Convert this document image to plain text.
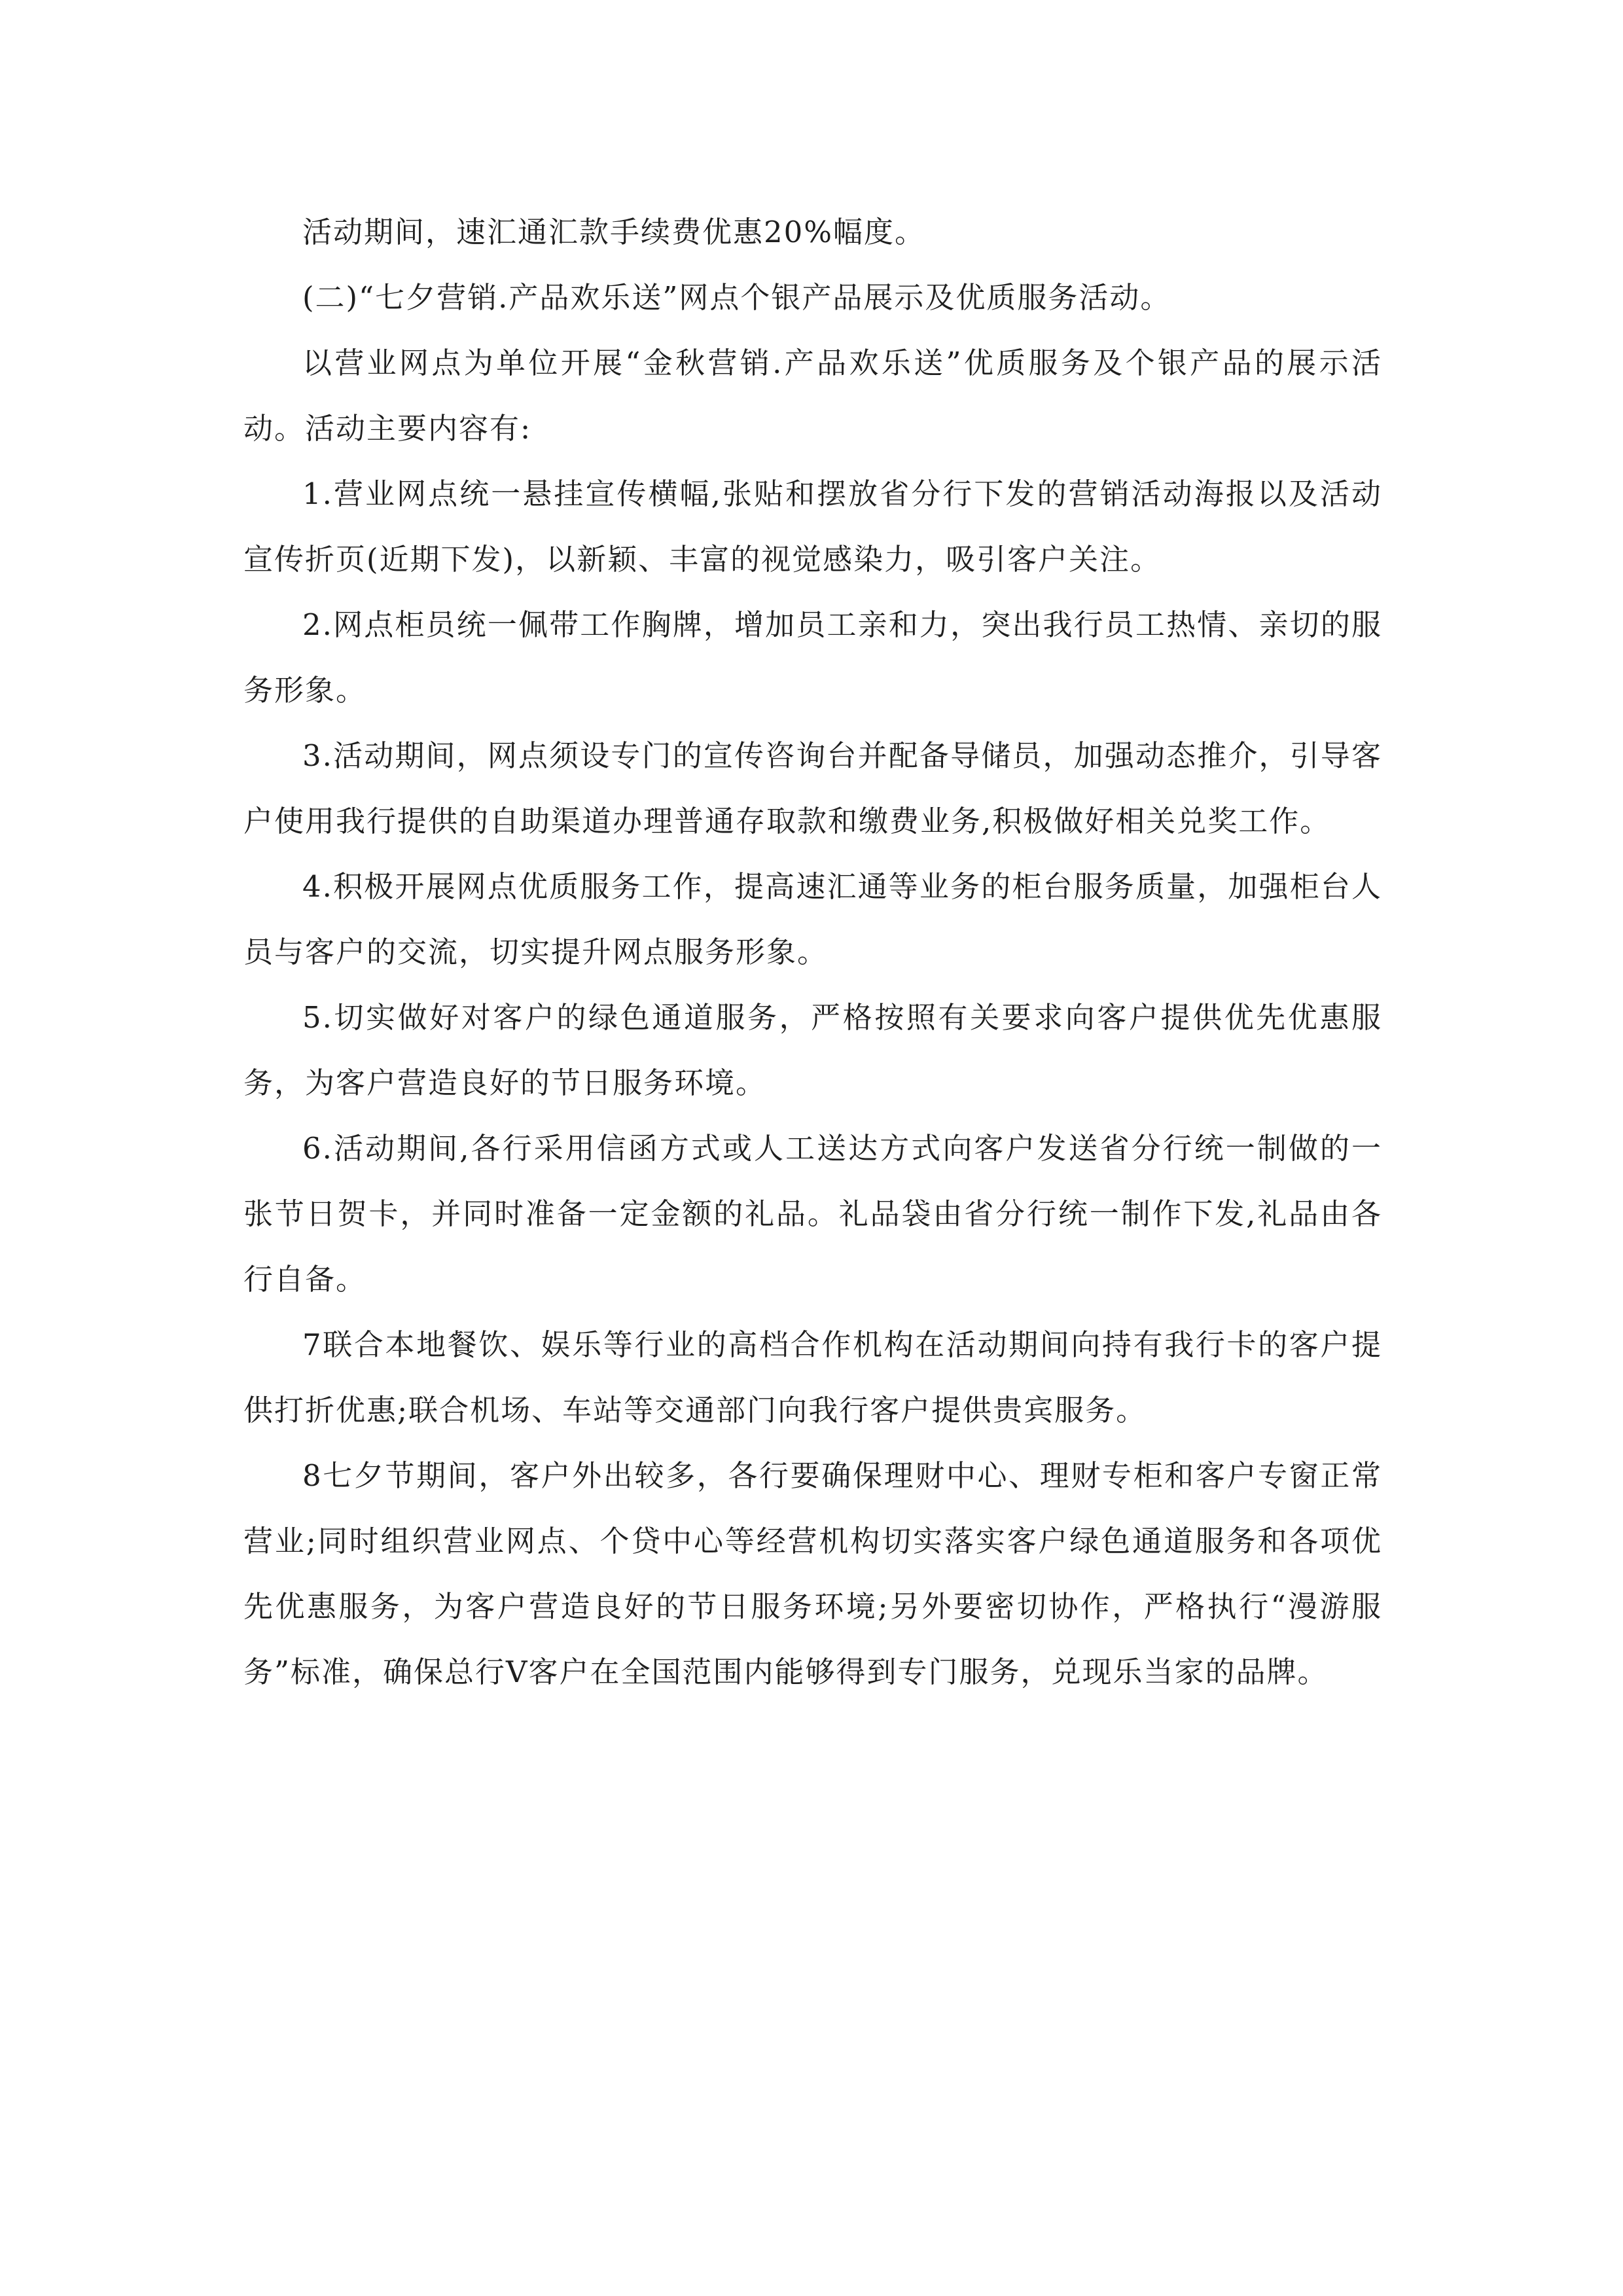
活动期间，速汇通汇款手续费优惠20%幅度。

(二)“七夕营销.产品欢乐送”网点个银产品展示及优质服务活动。

以营业网点为单位开展“金秋营销.产品欢乐送”优质服务及个银产品的展示活动。活动主要内容有:

1.营业网点统一悬挂宣传横幅,张贴和摆放省分行下发的营销活动海报以及活动宣传折页(近期下发)，以新颖、丰富的视觉感染力，吸引客户关注。

2.网点柜员统一佩带工作胸牌，增加员工亲和力，突出我行员工热情、亲切的服务形象。

3.活动期间，网点须设专门的宣传咨询台并配备导储员，加强动态推介，引导客户使用我行提供的自助渠道办理普通存取款和缴费业务,积极做好相关兑奖工作。

4.积极开展网点优质服务工作，提高速汇通等业务的柜台服务质量，加强柜台人员与客户的交流，切实提升网点服务形象。

5.切实做好对客户的绿色通道服务，严格按照有关要求向客户提供优先优惠服务，为客户营造良好的节日服务环境。

6.活动期间,各行采用信函方式或人工送达方式向客户发送省分行统一制做的一张节日贺卡，并同时准备一定金额的礼品。礼品袋由省分行统一制作下发,礼品由各行自备。

7联合本地餐饮、娱乐等行业的高档合作机构在活动期间向持有我行卡的客户提供打折优惠;联合机场、车站等交通部门向我行客户提供贵宾服务。

8七夕节期间，客户外出较多，各行要确保理财中心、理财专柜和客户专窗正常营业;同时组织营业网点、个贷中心等经营机构切实落实客户绿色通道服务和各项优先优惠服务，为客户营造良好的节日服务环境;另外要密切协作，严格执行“漫游服务”标准，确保总行V客户在全国范围内能够得到专门服务，兑现乐当家的品牌。
